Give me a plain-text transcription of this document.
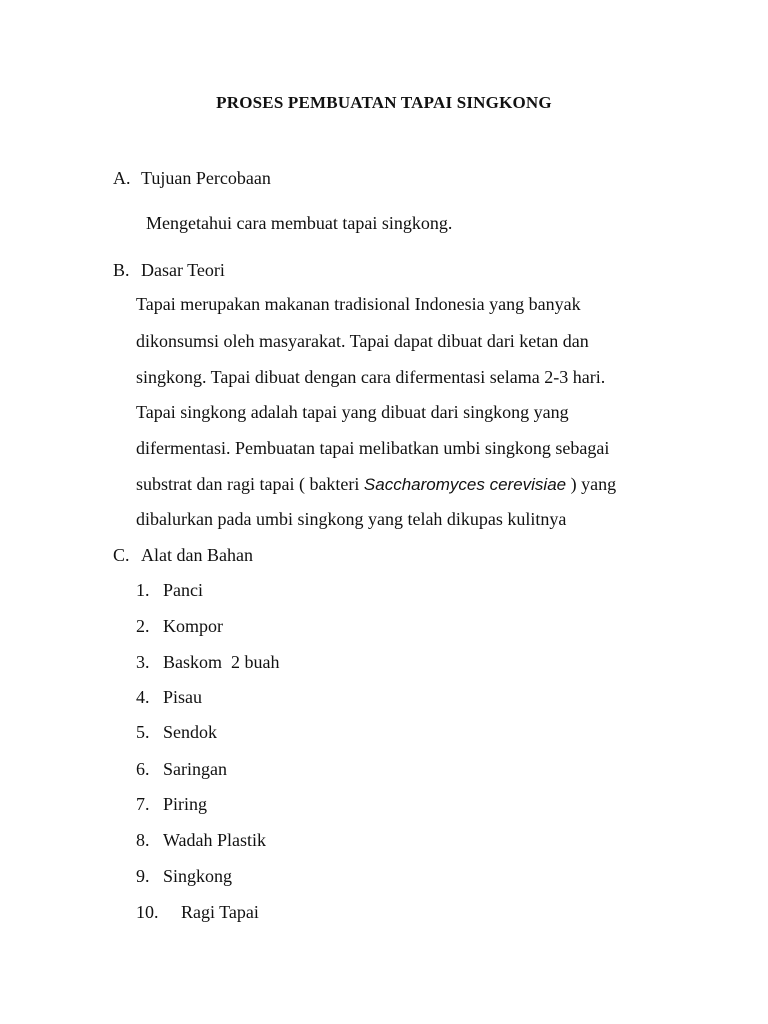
PROSES PEMBUATAN TAPAI SINGKONG
A. Tujuan Percobaan
Mengetahui cara membuat tapai singkong.
B. Dasar Teori
Tapai merupakan makanan tradisional Indonesia yang banyak
dikonsumsi oleh masyarakat. Tapai dapat dibuat dari ketan dan
singkong. Tapai dibuat dengan cara difermentasi selama 2-3 hari.
Tapai singkong adalah tapai yang dibuat dari singkong yang
difermentasi. Pembuatan tapai melibatkan umbi singkong sebagai
substrat dan ragi tapai ( bakteri Saccharomyces cerevisiae ) yang
dibalurkan pada umbi singkong yang telah dikupas kulitnya
C. Alat dan Bahan
1. Panci
2. Kompor
3. Baskom  2 buah
4. Pisau
5. Sendok
6. Saringan
7. Piring
8. Wadah Plastik
9. Singkong
10. Ragi Tapai
